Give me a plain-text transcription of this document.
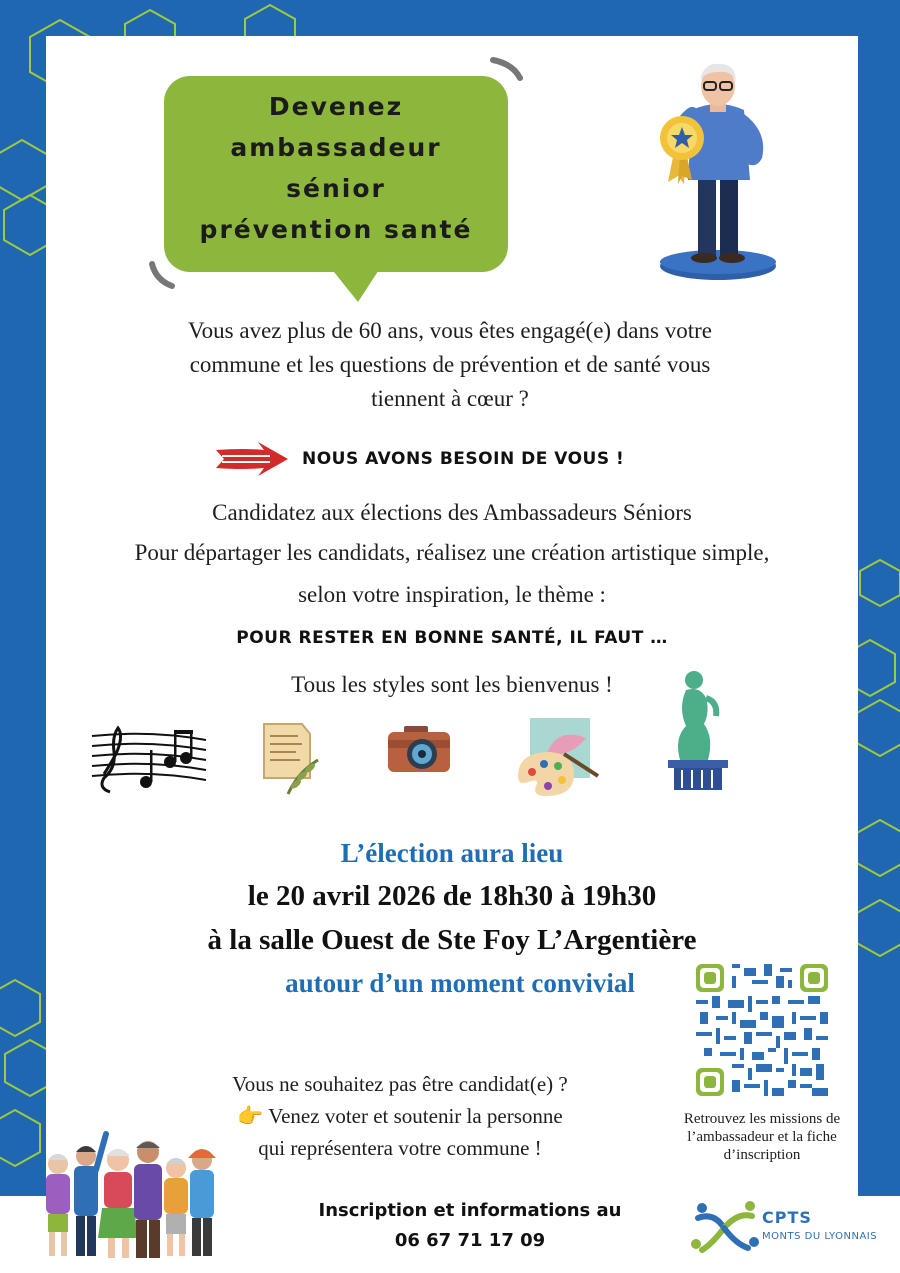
Devenez
ambassadeur
sénior
prévention santé
Vous avez plus de 60 ans, vous êtes engagé(e) dans votre
commune et les questions de prévention et de santé vous
tiennent à cœur ?
NOUS AVONS BESOIN DE VOUS !
Candidatez aux élections des Ambassadeurs Séniors
Pour départager les candidats, réalisez une création artistique simple,
selon votre inspiration, le thème :
POUR RESTER EN BONNE SANTÉ, IL FAUT …
Tous les styles sont les bienvenus !
L’élection aura lieu
le 20 avril 2026 de 18h30 à 19h30
à la salle Ouest de Ste Foy L’Argentière
autour d’un moment convivial
Retrouvez les missions de
l’ambassadeur et la fiche
d’inscription
Vous ne souhaitez pas être candidat(e) ?
👉 Venez voter et soutenir la personne
qui représentera votre commune !
Inscription et informations au
06 67 71 17 09
CPTS
MONTS DU LYONNAIS
